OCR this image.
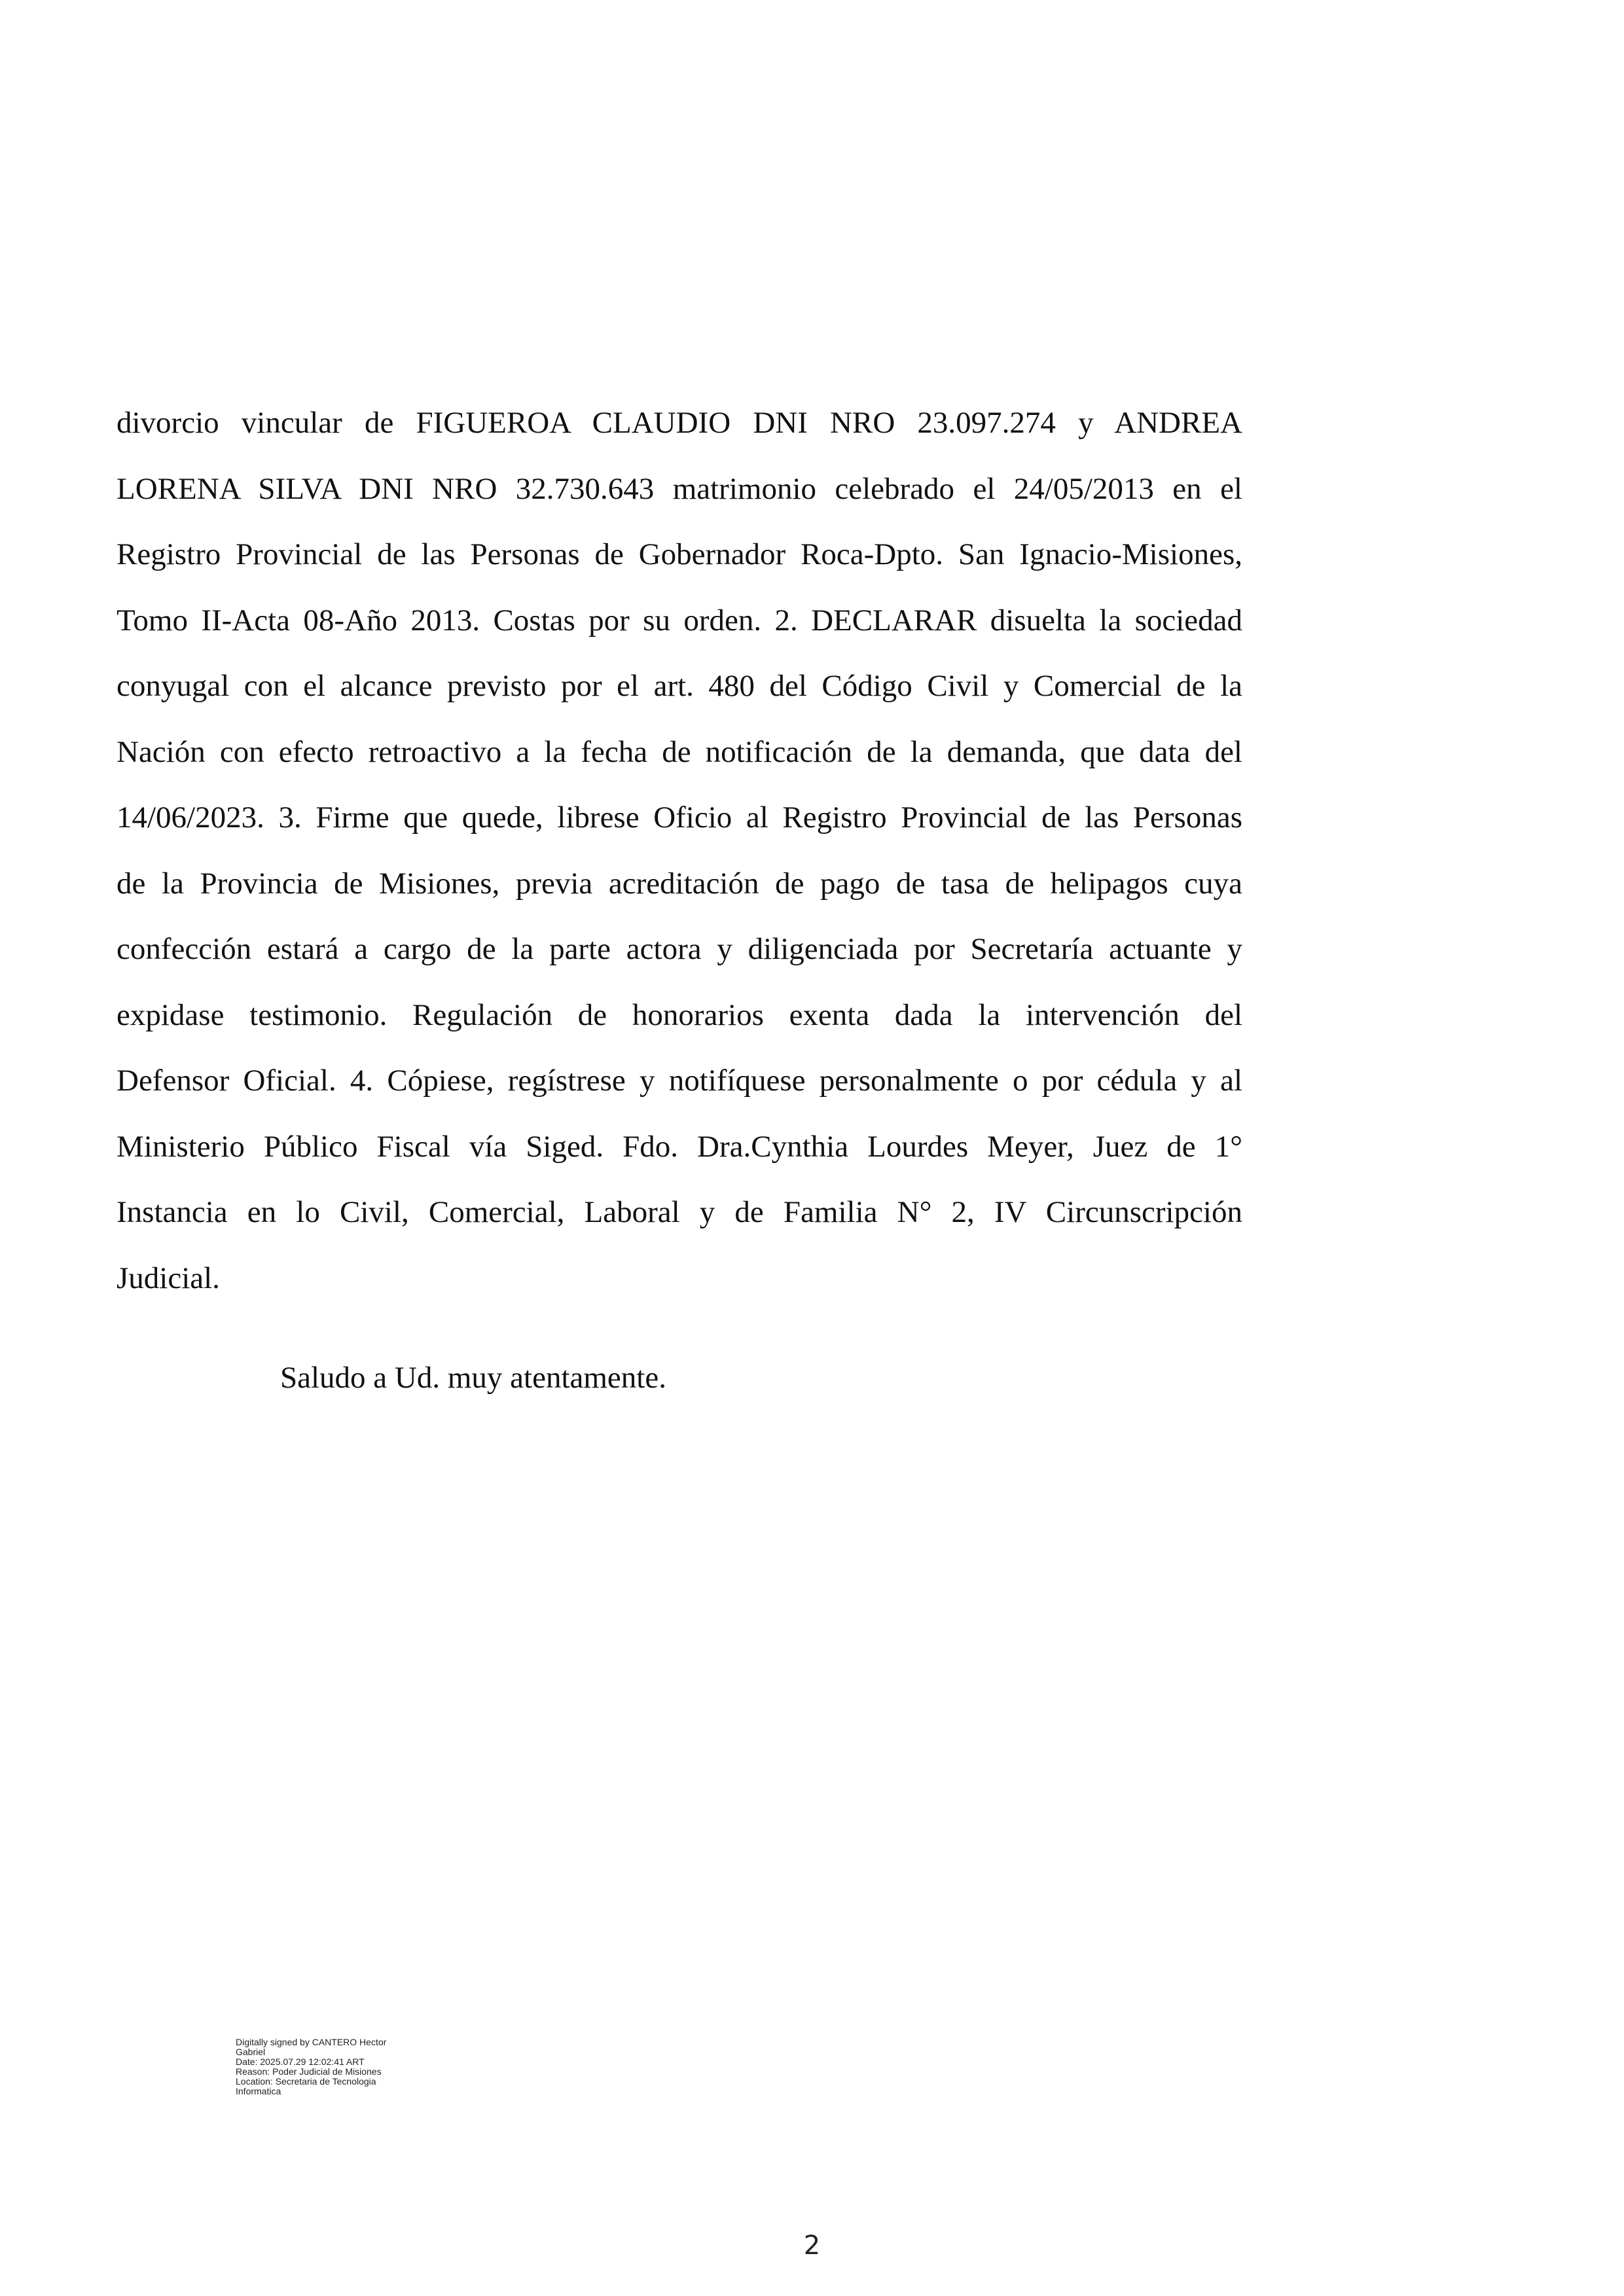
divorcio vincular de FIGUEROA CLAUDIO DNI NRO 23.097.274 y ANDREA
LORENA SILVA DNI NRO 32.730.643 matrimonio celebrado el 24/05/2013 en el
Registro Provincial de las Personas de Gobernador Roca-Dpto. San Ignacio-Misiones,
Tomo II-Acta 08-Año 2013. Costas por su orden. 2. DECLARAR disuelta la sociedad
conyugal con el alcance previsto por el art. 480 del Código Civil y Comercial de la
Nación con efecto retroactivo a la fecha de notificación de la demanda, que data del
14/06/2023. 3. Firme que quede, librese Oficio al Registro Provincial de las Personas
de la Provincia de Misiones, previa acreditación de pago de tasa de helipagos cuya
confección estará a cargo de la parte actora y diligenciada por Secretaría actuante y
expidase testimonio. Regulación de honorarios exenta dada la intervención del
Defensor Oficial. 4. Cópiese, regístrese y notifíquese personalmente o por cédula y al
Ministerio Público Fiscal vía Siged. Fdo. Dra.Cynthia Lourdes Meyer, Juez de 1°
Instancia en lo Civil, Comercial, Laboral y de Familia N° 2, IV Circunscripción
Judicial.
Saludo a Ud. muy atentamente.
Digitally signed by CANTERO Hector
Gabriel
Date: 2025.07.29 12:02:41 ART
Reason: Poder Judicial de Misiones
Location: Secretaria de Tecnologia
Informatica
2
